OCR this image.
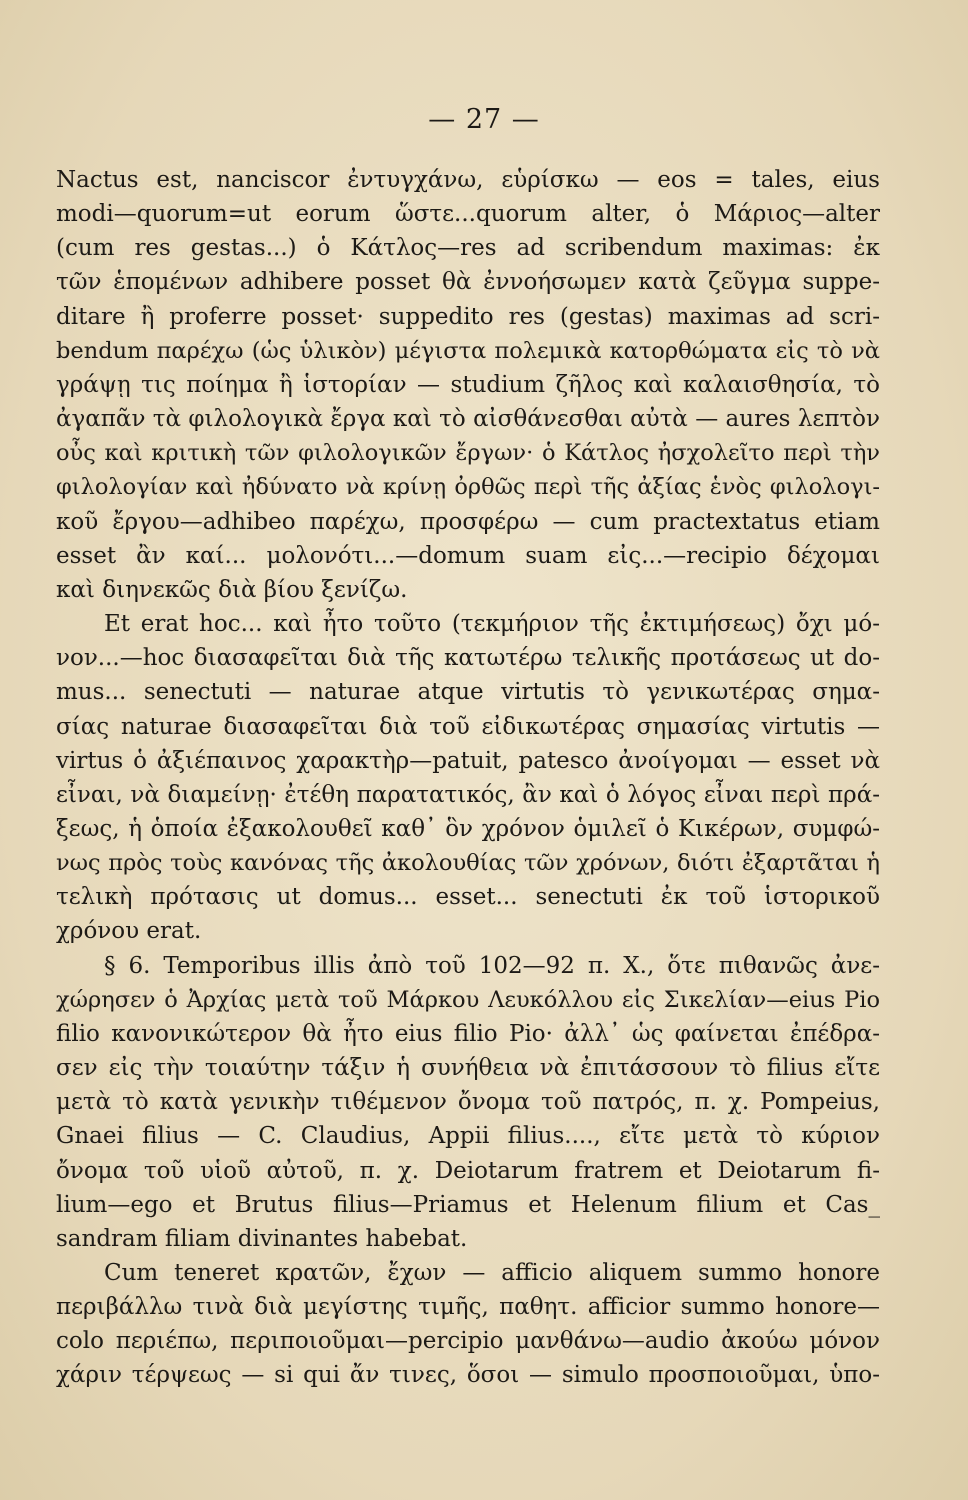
— 27 —
Nactus est, nanciscor ἐντυγχάνω, εὑρίσκω — eos = tales, eius
modi—quorum=ut eorum ὥστε...quorum alter, ὁ Μάριος—alter
(cum res gestas...) ὁ Κάτλος—res ad scribendum maximas: ἐκ
τῶν ἑπομένων adhibere posset θὰ ἐννοήσωμεν κατὰ ζεῦγμα suppe-
ditare ἢ proferre posset· suppedito res (gestas) maximas ad scri-
bendum παρέχω (ὡς ὑλικὸν) μέγιστα πολεμικὰ κατορθώματα εἰς τὸ νὰ
γράψῃ τις ποίημα ἢ ἱστορίαν — studium ζῆλος καὶ καλαισθησία, τὸ
ἀγαπᾶν τὰ φιλολογικὰ ἔργα καὶ τὸ αἰσθάνεσθαι αὐτὰ — aures λεπτὸν
οὖς καὶ κριτικὴ τῶν φιλολογικῶν ἔργων· ὁ Κάτλος ἠσχολεῖτο περὶ τὴν
φιλολογίαν καὶ ἠδύνατο νὰ κρίνῃ ὀρθῶς περὶ τῆς ἀξίας ἑνὸς φιλολογι-
κοῦ ἔργου—adhibeo παρέχω, προσφέρω — cum practextatus etiam
esset ἂν καί... μολονότι...—domum suam εἰς...—recipio δέχομαι
καὶ διηνεκῶς διὰ βίου ξενίζω.
Et erat hoc... καὶ ἦτο τοῦτο (τεκμήριον τῆς ἐκτιμήσεως) ὄχι μό-
νον...—hoc διασαφεῖται διὰ τῆς κατωτέρω τελικῆς προτάσεως ut do-
mus... senectuti — naturae atque virtutis τὸ γενικωτέρας σημα-
σίας naturae διασαφεῖται διὰ τοῦ εἰδικωτέρας σημασίας virtutis —
virtus ὁ ἀξιέπαινος χαρακτὴρ—patuit, patesco ἀνοίγομαι — esset νὰ
εἶναι, νὰ διαμείνῃ· ἐτέθη παρατατικός, ἂν καὶ ὁ λόγος εἶναι περὶ πρά-
ξεως, ἡ ὁποία ἐξακολουθεῖ καθ᾽ ὃν χρόνον ὁμιλεῖ ὁ Κικέρων, συμφώ-
νως πρὸς τοὺς κανόνας τῆς ἀκολουθίας τῶν χρόνων, διότι ἐξαρτᾶται ἡ
τελικὴ πρότασις ut domus... esset... senectuti ἐκ τοῦ ἱστορικοῦ
χρόνου erat.
§ 6. Temporibus illis ἀπὸ τοῦ 102—92 π. Χ., ὅτε πιθανῶς ἀνε-
χώρησεν ὁ Ἀρχίας μετὰ τοῦ Μάρκου Λευκόλλου εἰς Σικελίαν—eius Pio
filio κανονικώτερον θὰ ἦτο eius filio Pio· ἀλλ᾽ ὡς φαίνεται ἐπέδρα-
σεν εἰς τὴν τοιαύτην τάξιν ἡ συνήθεια νὰ ἐπιτάσσουν τὸ filius εἴτε
μετὰ τὸ κατὰ γενικὴν τιθέμενον ὄνομα τοῦ πατρός, π. χ. Pompeius,
Gnaei filius — C. Claudius, Appii filius...., εἴτε μετὰ τὸ κύριον
ὄνομα τοῦ υἱοῦ αὐτοῦ, π. χ. Deiotarum fratrem et Deiotarum fi-
lium—ego et Brutus filius—Priamus et Helenum filium et Cas_
sandram filiam divinantes habebat.
Cum teneret κρατῶν, ἔχων — afficio aliquem summo honore
περιβάλλω τινὰ διὰ μεγίστης τιμῆς, παθητ. afficior summo honore—
colo περιέπω, περιποιοῦμαι—percipio μανθάνω—audio ἀκούω μόνον
χάριν τέρψεως — si qui ἄν τινες, ὅσοι — simulo προσποιοῦμαι, ὑπο-
